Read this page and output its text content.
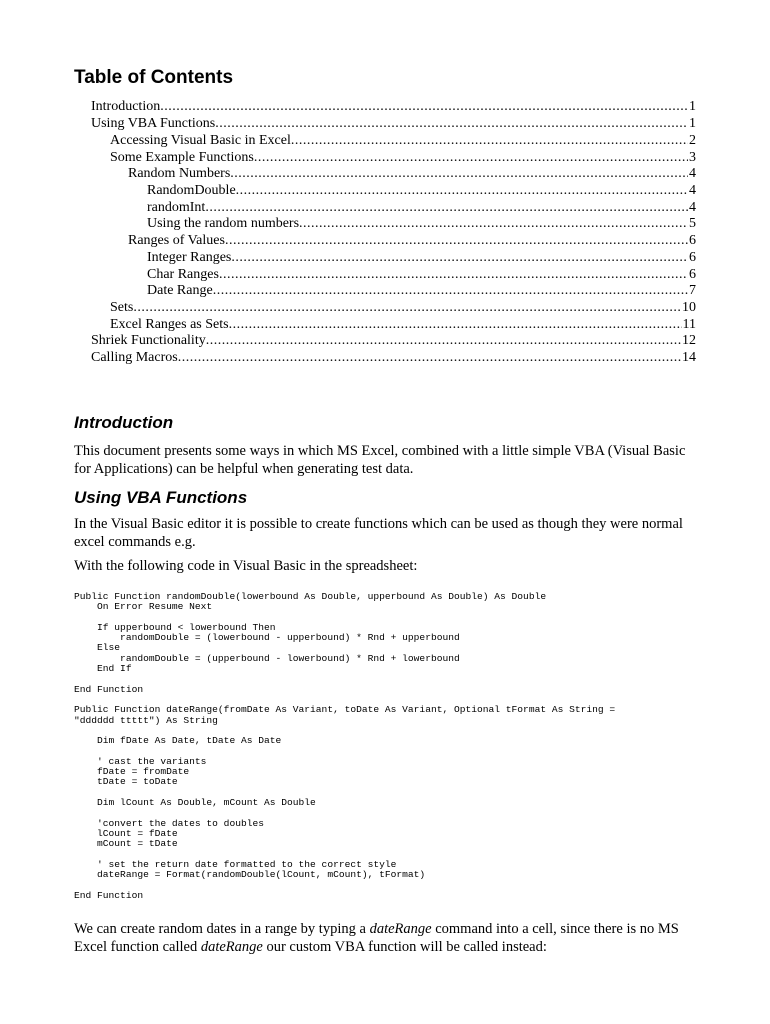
Table of Contents
Introduction .....	1
Using VBA Functions .....	1
Accessing Visual Basic in Excel .....	2
Some Example Functions .....	3
Random Numbers .....	4
RandomDouble .....	4
randomInt .....	4
Using the random numbers .....	5
Ranges of Values .....	6
Integer Ranges .....	6
Char Ranges .....	6
Date Range .....	7
Sets .....	10
Excel Ranges as Sets .....	11
Shriek Functionality .....	12
Calling Macros .....	14
Introduction

This document presents some ways in which MS Excel, combined with a little simple VBA (Visual Basic for Applications) can be helpful when generating test data.

Using VBA Functions

In the Visual Basic editor it is possible to create functions which can be used as though they were normal excel commands e.g.

With the following code in Visual Basic in the spreadsheet:

Public Function randomDouble(lowerbound As Double, upperbound As Double) As Double
On Error Resume Next
If upperbound < lowerbound Then
randomDouble = (lowerbound - upperbound) * Rnd + upperbound
Else
randomDouble = (upperbound - lowerbound) * Rnd + lowerbound
End If
End Function
Public Function dateRange(fromDate As Variant, toDate As Variant, Optional tFormat As String =
"dddddd ttttt") As String
Dim fDate As Date, tDate As Date
' cast the variants
fDate = fromDate
tDate = toDate
Dim lCount As Double, mCount As Double
'convert the dates to doubles
lCount = fDate
mCount = tDate
' set the return date formatted to the correct style
dateRange = Format(randomDouble(lCount, mCount), tFormat)
End Function

We can create random dates in a range by typing a dateRange command into a cell, since there is no MS Excel function called dateRange our custom VBA function will be called instead:
